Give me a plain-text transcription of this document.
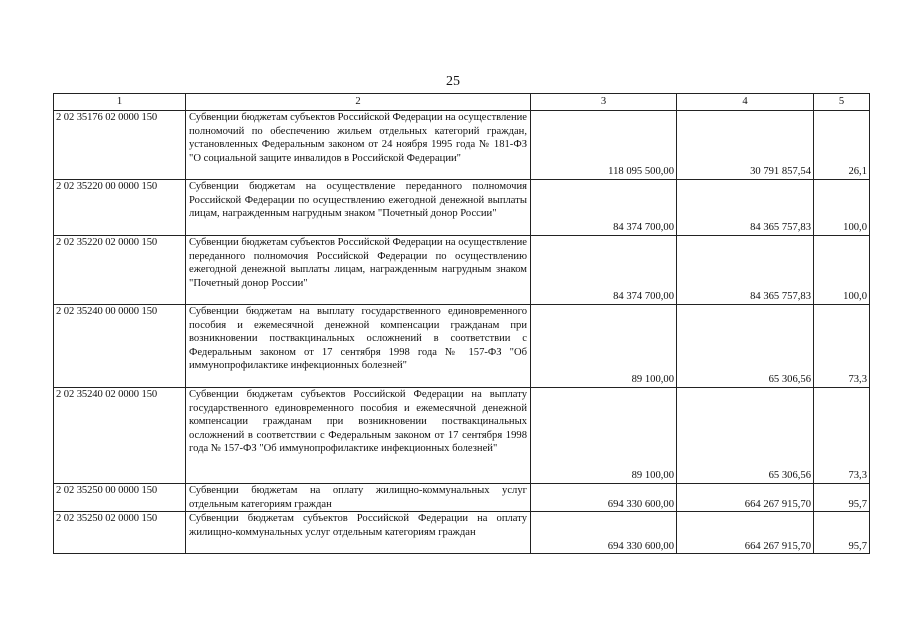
25
1	2	3	4	5
2 02 35176 02 0000 150	Субвенции бюджетам субъектов Российской Федерации на осуществление полномочий по обеспечению жильем отдельных категорий граждан, установленных Федеральным законом от 24 ноября 1995 года № 181-ФЗ "О социальной защите инвалидов в Российской Федерации"	118 095 500,00	30 791 857,54	26,1
2 02 35220 00 0000 150	Субвенции бюджетам на осуществление переданного полномочия Российской Федерации по осуществлению ежегодной денежной выплаты лицам, награжденным нагрудным знаком "Почетный донор России"	84 374 700,00	84 365 757,83	100,0
2 02 35220 02 0000 150	Субвенции бюджетам субъектов Российской Федерации на осуществление переданного полномочия Российской Федерации по осуществлению ежегодной денежной выплаты лицам, награжденным нагрудным знаком "Почетный донор России"	84 374 700,00	84 365 757,83	100,0
2 02 35240 00 0000 150	Субвенции бюджетам на выплату государственного единовременного пособия и ежемесячной денежной компенсации гражданам при возникновении поствакцинальных осложнений в соответствии с Федеральным законом от 17 сентября 1998 года № 157-ФЗ "Об иммунопрофилактике инфекционных болезней"	89 100,00	65 306,56	73,3
2 02 35240 02 0000 150	Субвенции бюджетам субъектов Российской Федерации на выплату государственного единовременного пособия и ежемесячной денежной компенсации гражданам при возникновении поствакцинальных осложнений в соответствии с Федеральным законом от 17 сентября 1998 года № 157-ФЗ "Об иммунопрофилактике инфекционных болезней"	89 100,00	65 306,56	73,3
2 02 35250 00 0000 150	Субвенции бюджетам на оплату жилищно-коммунальных услуг отдельным категориям граждан	694 330 600,00	664 267 915,70	95,7
2 02 35250 02 0000 150	Субвенции бюджетам субъектов Российской Федерации на оплату жилищно-коммунальных услуг отдельным категориям граждан	694 330 600,00	664 267 915,70	95,7
